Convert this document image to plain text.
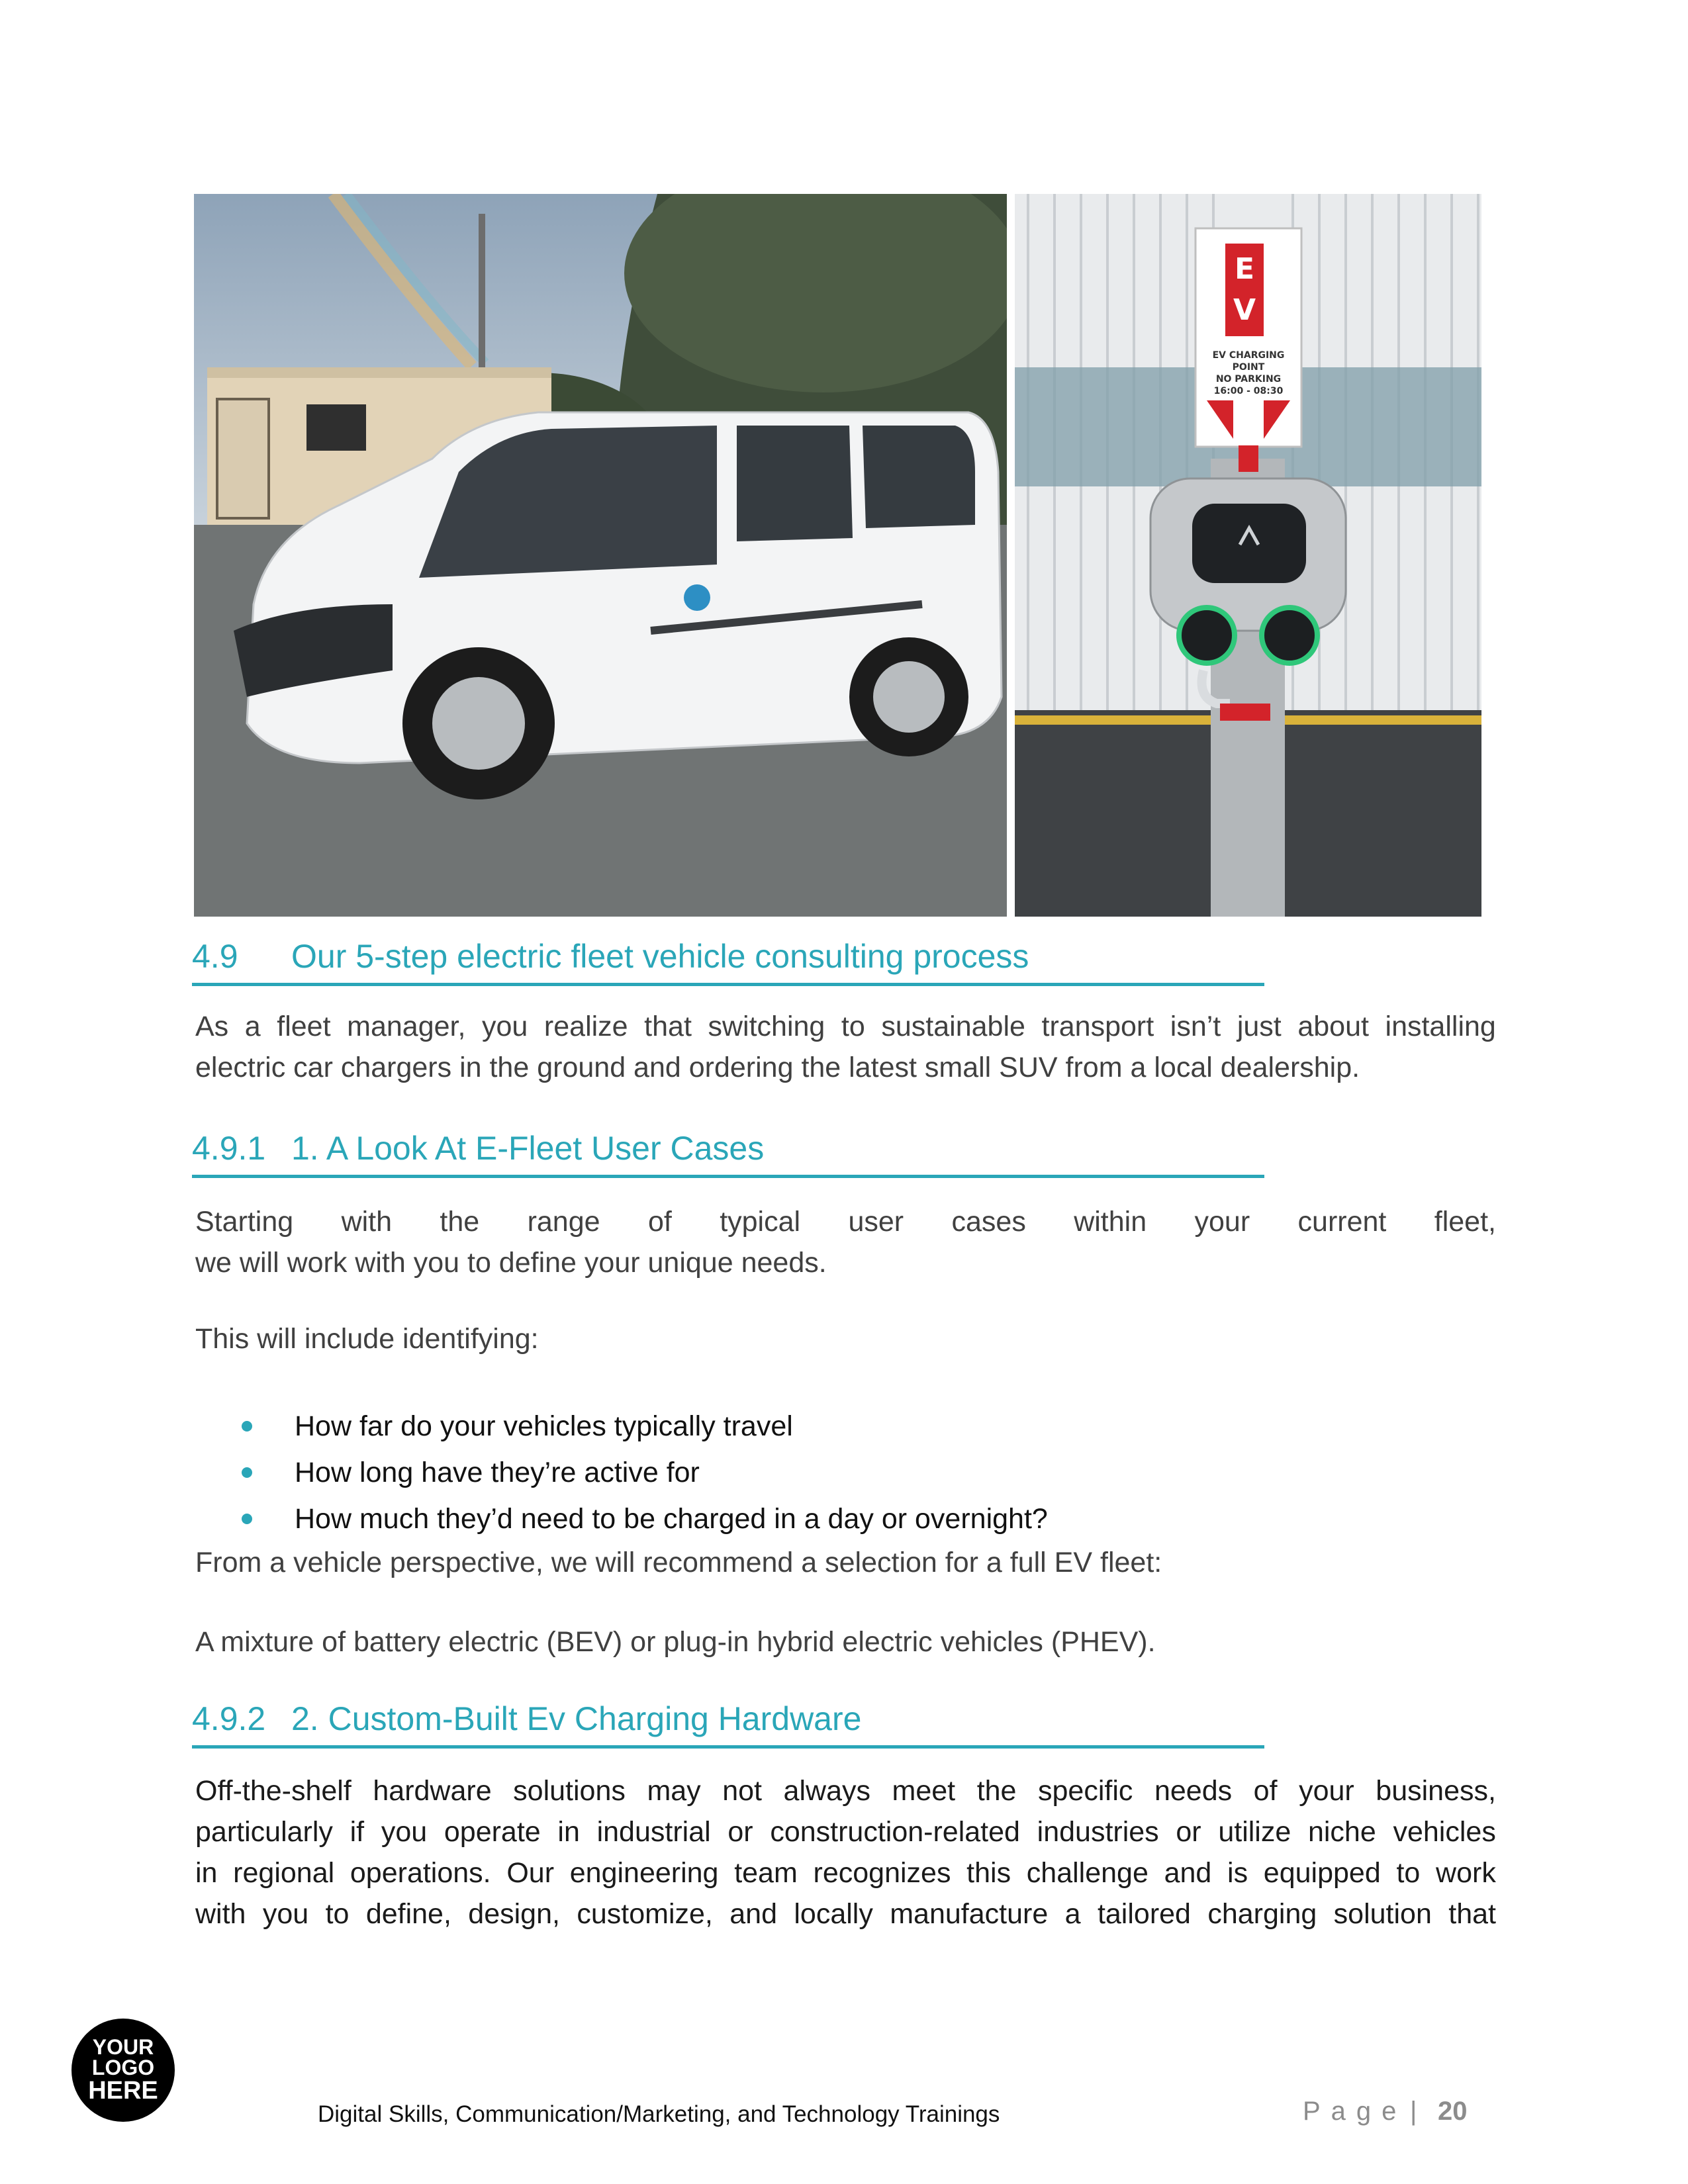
E
V
EV CHARGING
POINT
NO PARKING
16:00 - 08:30
4.9 Our 5-step electric fleet vehicle consulting process
As a fleet manager, you realize that switching to sustainable transport isn’t just about installing
electric car chargers in the ground and ordering the latest small SUV from a local dealership.
4.9.1 1. A Look At E-Fleet User Cases
Starting with the range of typical user cases within your current fleet,
we will work with you to define your unique needs.
This will include identifying:
How far do your vehicles typically travel
How long have they’re active for
How much they’d need to be charged in a day or overnight?
From a vehicle perspective, we will recommend a selection for a full EV fleet:
A mixture of battery electric (BEV) or plug-in hybrid electric vehicles (PHEV).
4.9.2 2. Custom-Built Ev Charging Hardware
Off-the-shelf hardware solutions may not always meet the specific needs of your business,
particularly if you operate in industrial or construction-related industries or utilize niche vehicles
in regional operations. Our engineering team recognizes this challenge and is equipped to work
with you to define, design, customize, and locally manufacture a tailored charging solution that
YOUR
LOGO
HERE
Digital Skills, Communication/Marketing, and Technology Trainings	Page | 20
